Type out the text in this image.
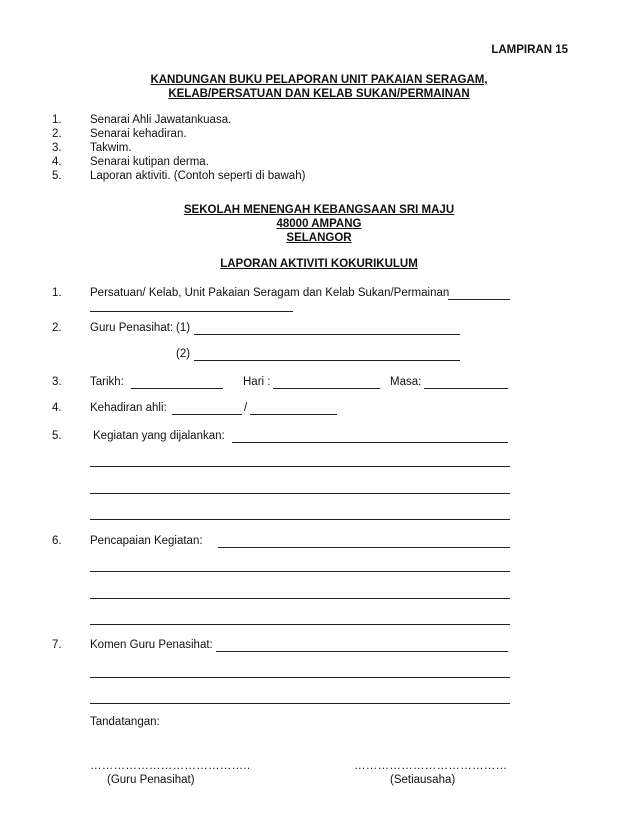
LAMPIRAN 15
KANDUNGAN BUKU PELAPORAN UNIT PAKAIAN SERAGAM,
KELAB/PERSATUAN DAN KELAB SUKAN/PERMAINAN
1. Senarai Ahli Jawatankuasa.
2. Senarai kehadiran.
3. Takwim.
4. Senarai kutipan derma.
5. Laporan aktiviti. (Contoh seperti di bawah)
SEKOLAH MENENGAH KEBANGSAAN SRI MAJU
48000 AMPANG
SELANGOR
LAPORAN AKTIVITI KOKURIKULUM
1. Persatuan/ Kelab, Unit Pakaian Seragam dan Kelab Sukan/Permainan
2. Guru Penasihat: (1)
(2)
3. Tarikh:	Hari :	Masa:
4. Kehadiran ahli:	/
5.	Kegiatan yang dijalankan:
6. Pencapaian Kegiatan:
7. Komen Guru Penasihat:
Tandatangan:
…………………………………..	…………………………………
(Guru Penasihat)	(Setiausaha)
